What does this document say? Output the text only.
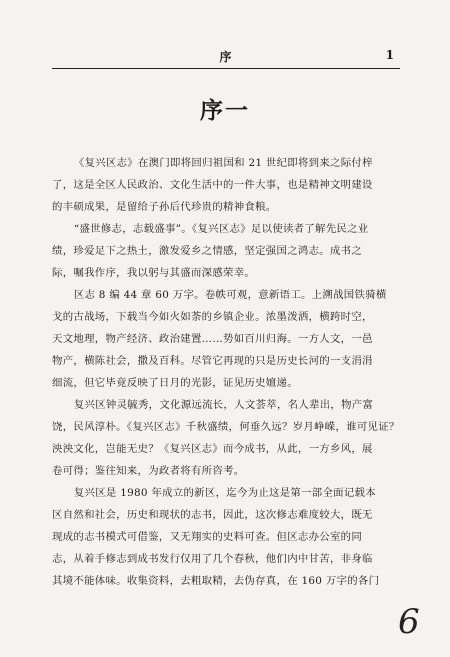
序	1
序一

《复兴区志》在澳门即将回归祖国和 21 世纪即将到来之际付梓

了，这是全区人民政治、文化生活中的一件大事，也是精神文明建设

的丰硕成果，是留给子孙后代珍贵的精神食粮。

“盛世修志，志载盛事”。《复兴区志》足以使读者了解先民之业

绩，珍爱足下之热土，激发爱乡之情感，坚定强国之鸿志。成书之

际，嘱我作序，我以躬与其盛而深感荣幸。

区志 8 编 44 章 60 万字。卷帙可观，意新语工。上溯战国铁骑横

戈的古战场，下载当今如火如荼的乡镇企业。浓墨泼洒，横跨时空，

天文地理，物产经济、政治建置……势如百川归海。一方人文，一邑

物产，横陈社会，撒及百科。尽管它再现的只是历史长河的一支涓涓

细流，但它毕竟反映了日月的光影，证见历史嬗递。

复兴区钟灵毓秀，文化源远流长，人文荟萃，名人辈出，物产富

饶，民风淳朴。《复兴区志》千秋盛绩，何垂久远？岁月峥嵘，谁可见证？

泱泱文化，岂能无史？《复兴区志》而今成书，从此，一方乡风，展

卷可得；鉴往知来，为政者将有所咨考。

复兴区是 1980 年成立的新区，迄今为止这是第一部全面记载本

区自然和社会，历史和现状的志书，因此，这次修志难度较大，既无

现成的志书模式可借鉴，又无翔实的史料可查。但区志办公室的同

志，从着手修志到成书发行仅用了几个春秋，他们内中甘苦，非身临

其境不能体味。收集资料，去粗取精，去伪存真，在 160 万字的各门

6
